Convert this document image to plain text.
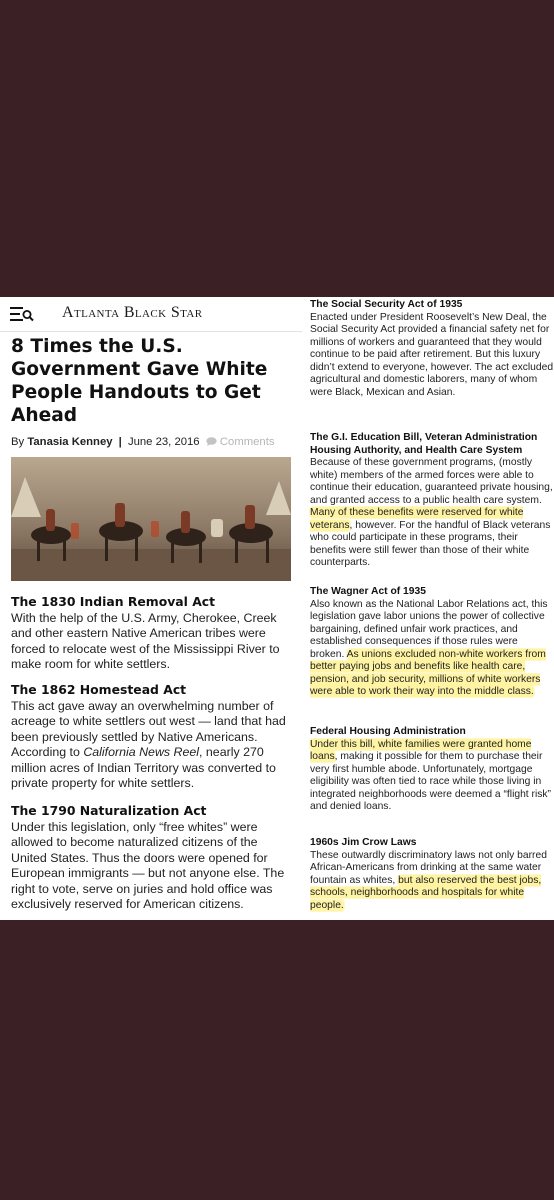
Atlanta Black Star
8 Times the U.S. Government Gave White People Handouts to Get Ahead
By Tanasia Kenney | June 23, 2016 Comments
The 1830 Indian Removal Act

With the help of the U.S. Army, Cherokee, Creek and other eastern Native American tribes were forced to relocate west of the Mississippi River to make room for white settlers.

The 1862 Homestead Act

This act gave away an overwhelming number of acreage to white settlers out west — land that had been previously settled by Native Americans. According to California News Reel, nearly 270 million acres of Indian Territory was converted to private property for white settlers.

The 1790 Naturalization Act

Under this legislation, only “free whites” were allowed to become naturalized citizens of the United States. Thus the doors were opened for European immigrants — but not anyone else. The right to vote, serve on juries and hold office was exclusively reserved for American citizens.

The Social Security Act of 1935

Enacted under President Roosevelt’s New Deal, the Social Security Act provided a financial safety net for millions of workers and guaranteed that they would continue to be paid after retirement. But this luxury didn’t extend to everyone, however. The act excluded agricultural and domestic laborers, many of whom were Black, Mexican and Asian.

The G.I. Education Bill, Veteran Administration Housing Authority, and Health Care System

Because of these government programs, (mostly white) members of the armed forces were able to continue their education, guaranteed private housing, and granted access to a public health care system. Many of these benefits were reserved for white veterans, however. For the handful of Black veterans who could participate in these programs, their benefits were still fewer than those of their white counterparts.

The Wagner Act of 1935

Also known as the National Labor Relations act, this legislation gave labor unions the power of collective bargaining, defined unfair work practices, and established consequences if those rules were broken. As unions excluded non-white workers from better paying jobs and benefits like health care, pension, and job security, millions of white workers were able to work their way into the middle class.

Federal Housing Administration

Under this bill, white families were granted home loans, making it possible for them to purchase their very first humble abode. Unfortunately, mortgage eligibility was often tied to race while those living in integrated neighborhoods were deemed a “flight risk” and denied loans.

1960s Jim Crow Laws

These outwardly discriminatory laws not only barred African-Americans from drinking at the same water fountain as whites, but also reserved the best jobs, schools, neighborhoods and hospitals for white people.
